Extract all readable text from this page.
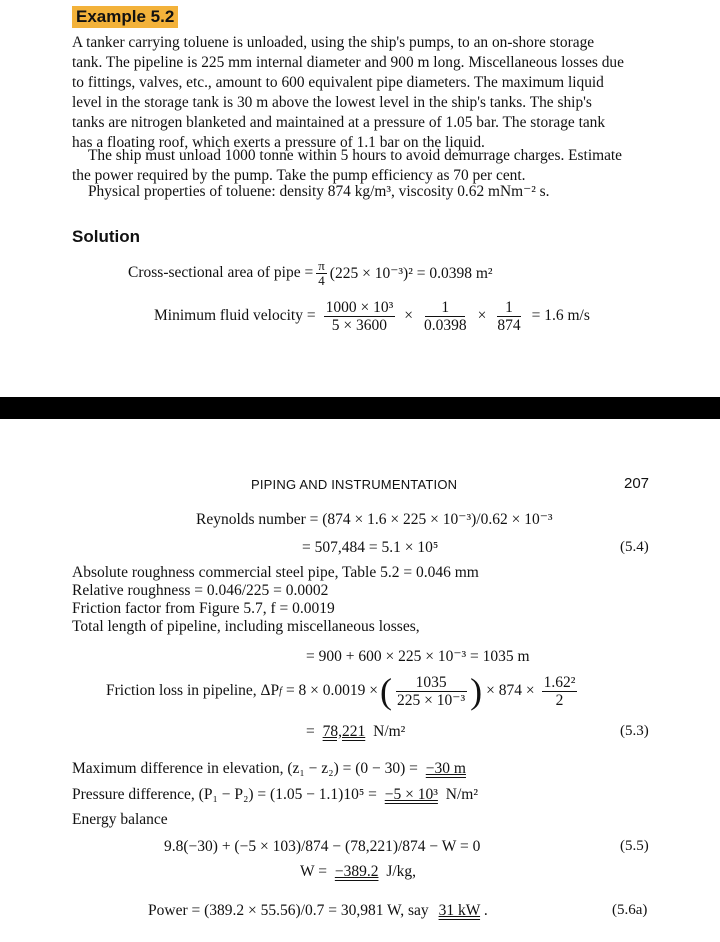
Example 5.2
A tanker carrying toluene is unloaded, using the ship's pumps, to an on-shore storage
tank. The pipeline is 225 mm internal diameter and 900 m long. Miscellaneous losses due
to fittings, valves, etc., amount to 600 equivalent pipe diameters. The maximum liquid
level in the storage tank is 30 m above the lowest level in the ship's tanks. The ship's
tanks are nitrogen blanketed and maintained at a pressure of 1.05 bar. The storage tank
has a floating roof, which exerts a pressure of 1.1 bar on the liquid.
The ship must unload 1000 tonne within 5 hours to avoid demurrage charges. Estimate
the power required by the pump. Take the pump efficiency as 70 per cent.
Physical properties of toluene: density 874 kg/m³, viscosity 0.62 mNm⁻² s.
Solution
Cross-sectional area of pipe = $\frac{\pi}{4} (225 \times 10^{-3})^2 = 0.0398$ m²
Minimum fluid velocity = $\frac{\text{1000 × 10³}}{5 \times 3600} \times \frac{1}{0.0398} \times \frac{1}{874} = 1.6$ m/s
PIPING AND INSTRUMENTATION	207
Reynolds number = (874 × 1.6 × 225 × 10⁻³)/0.62 × 10⁻³
= 507,484 = 5.1 × 10⁵	(5.4)
Absolute roughness commercial steel pipe, Table 5.2 = 0.046 mm
Relative roughness = 0.046/225 = 0.0002
Friction factor from Figure 5.7, f = 0.0019
Total length of pipeline, including miscellaneous losses,
= 900 + 600 × 225 × 10⁻³ = 1035 m
Friction loss in pipeline, ΔP f = 8 × 0.0019 × ( $\frac{1035}{\text{225 × 10⁻³}}$ ) × $874 \times \frac{\text{1.62²}}{2}$
= 78,221 N/m²	(5.3)
Maximum difference in elevation, (z₁ − z₂) = (0 − 30) = −30 m
Pressure difference, (P₁ − P₂) = (1.05 − 1.1)10⁵ = −5 × 10³ N/m²
Energy balance
9.8(−30) + (−5 × 103)/874 − (78,221)/874 − W = 0	(5.5)
W = −389.2 J/kg,
Power = (389.2 × 55.56)/0.7 = 30,981 W, say 31 kW .	(5.6a)
